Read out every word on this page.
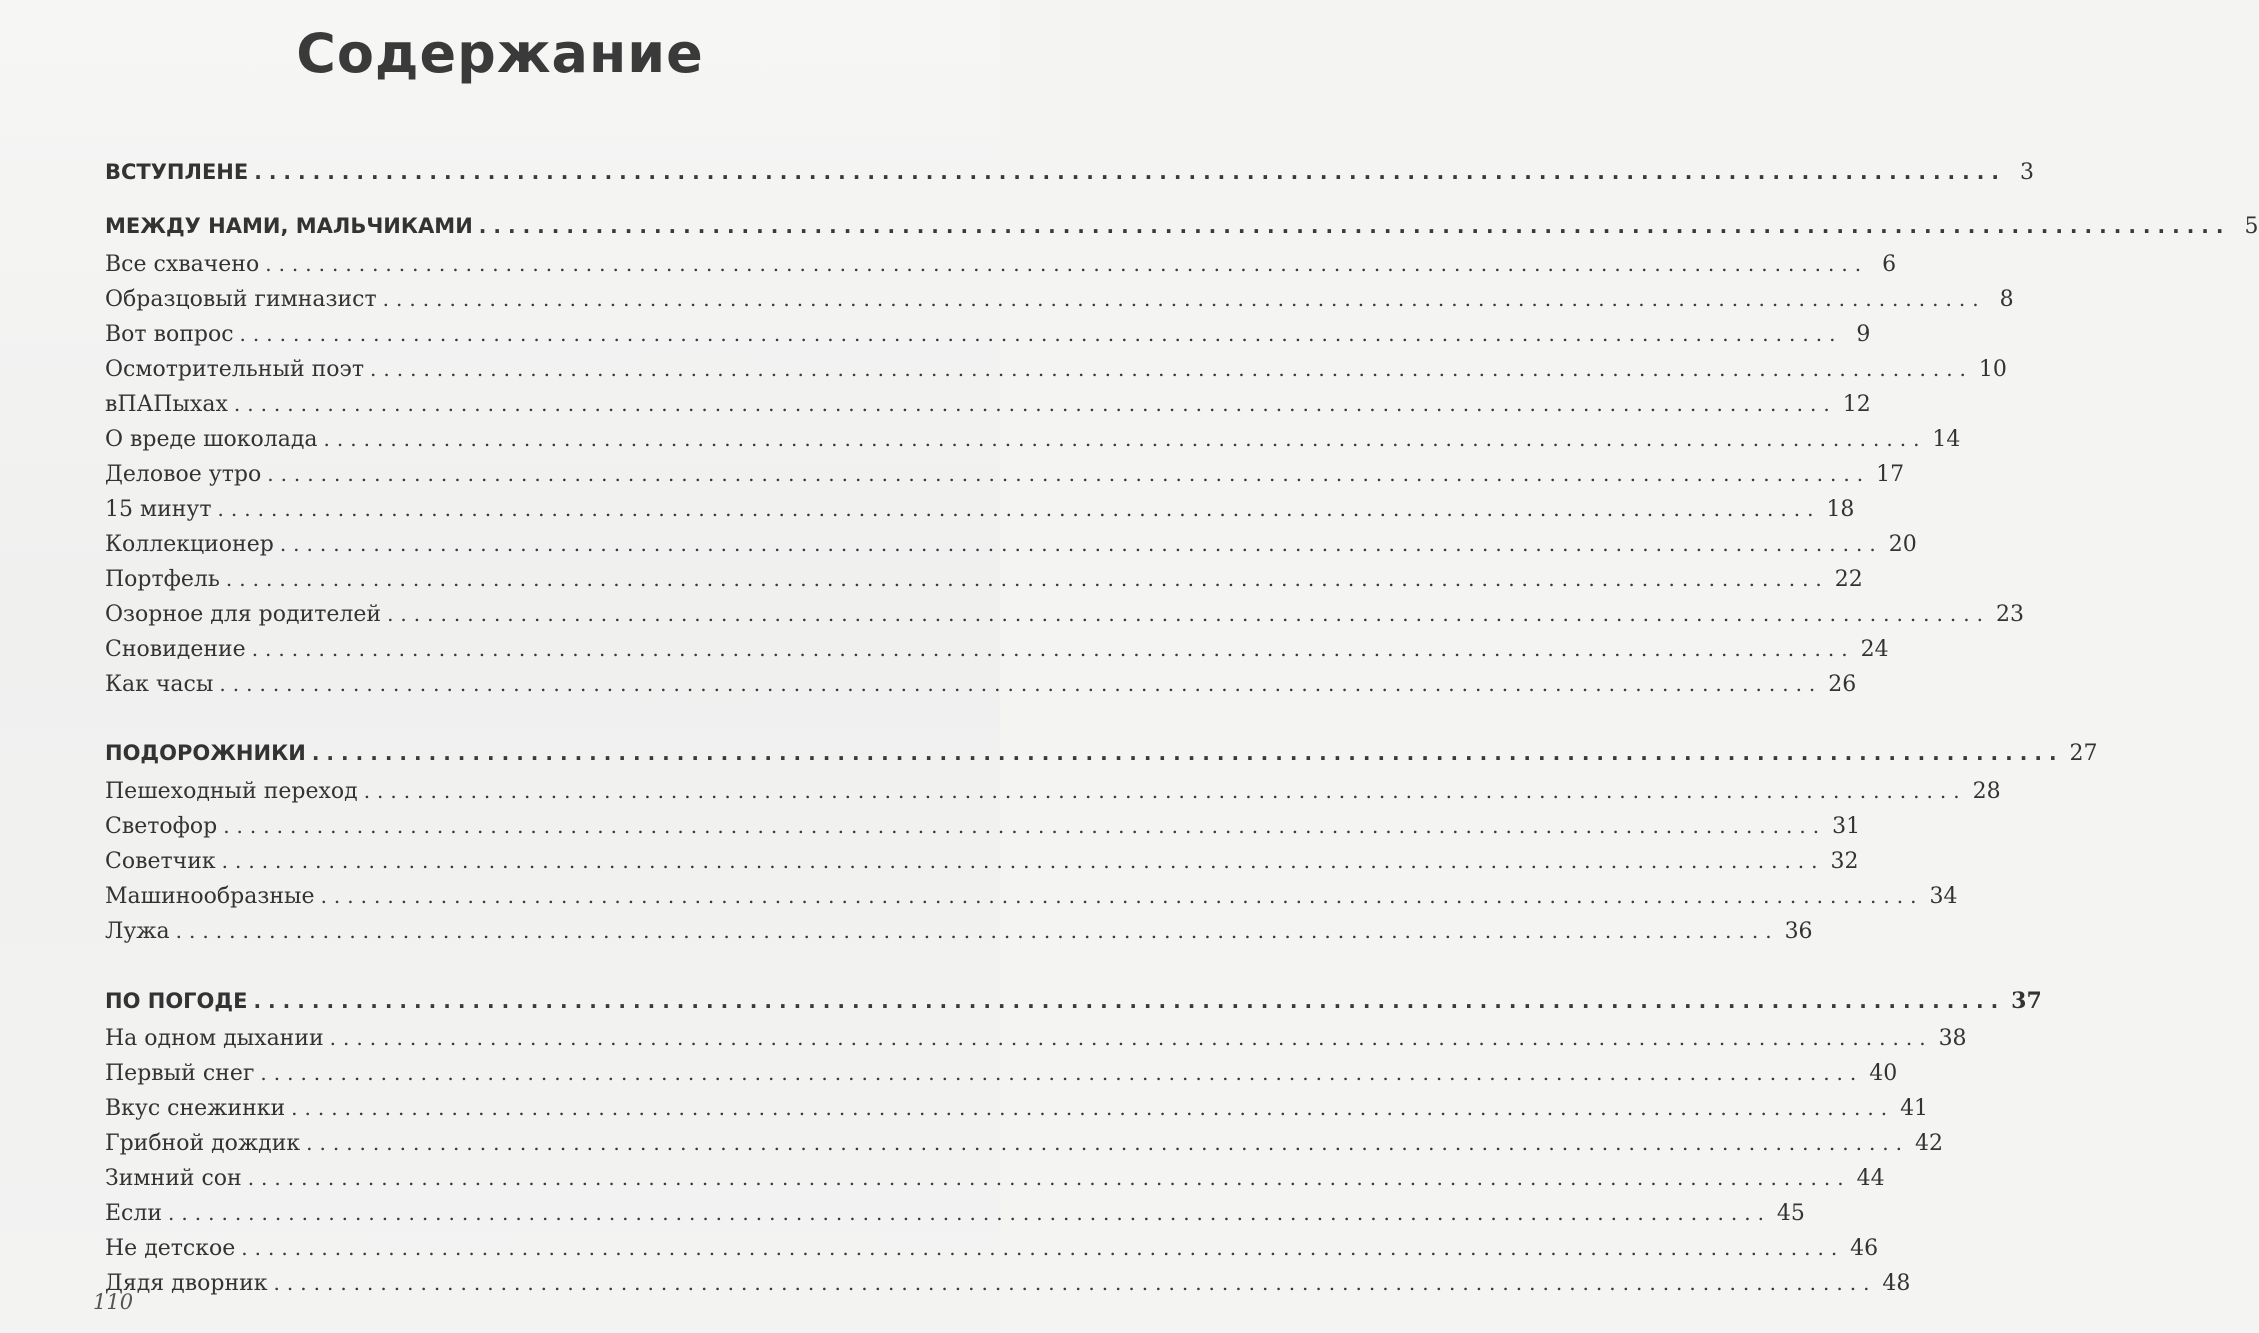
Содержание
ВСТУПЛЕНЕ ........................................................................................................................ 3
МЕЖДУ НАМИ, МАЛЬЧИКАМИ ........................................................................................................................ 5
Все схвачено ........................................................................................................................ 6
Образцовый гимназист ........................................................................................................................ 8
Вот вопрос ........................................................................................................................ 9
Осмотрительный поэт ........................................................................................................................ 10
вПАПыхах ........................................................................................................................ 12
О вреде шоколада ........................................................................................................................ 14
Деловое утро ........................................................................................................................ 17
15 минут ........................................................................................................................ 18
Коллекционер ........................................................................................................................ 20
Портфель ........................................................................................................................ 22
Озорное для родителей ........................................................................................................................ 23
Сновидение ........................................................................................................................ 24
Как часы ........................................................................................................................ 26
ПОДОРОЖНИКИ ........................................................................................................................ 27
Пешеходный переход ........................................................................................................................ 28
Светофор ........................................................................................................................ 31
Советчик ........................................................................................................................ 32
Машинообразные ........................................................................................................................ 34
Лужа ........................................................................................................................ 36
ПО ПОГОДЕ ........................................................................................................................ 37
На одном дыхании ........................................................................................................................ 38
Первый снег ........................................................................................................................ 40
Вкус снежинки ........................................................................................................................ 41
Грибной дождик ........................................................................................................................ 42
Зимний сон ........................................................................................................................ 44
Если ........................................................................................................................ 45
Не детское ........................................................................................................................ 46
Дядя дворник ........................................................................................................................ 48
110
